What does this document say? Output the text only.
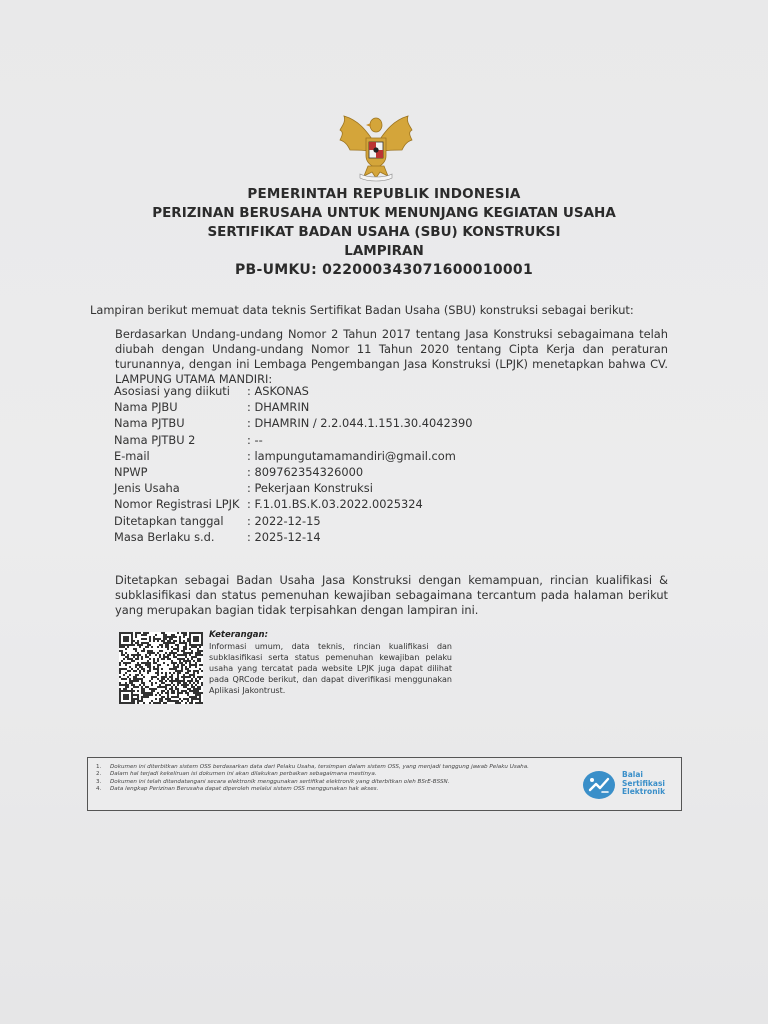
PEMERINTAH REPUBLIK INDONESIA
PERIZINAN BERUSAHA UNTUK MENUNJANG KEGIATAN USAHA
SERTIFIKAT BADAN USAHA (SBU) KONSTRUKSI
LAMPIRAN
PB-UMKU: 022000343071600010001
Lampiran berikut memuat data teknis Sertifikat Badan Usaha (SBU) konstruksi sebagai berikut:
Berdasarkan Undang-undang Nomor 2 Tahun 2017 tentang Jasa Konstruksi sebagaimana telah diubah dengan Undang-undang Nomor 11 Tahun 2020 tentang Cipta Kerja dan peraturan turunannya, dengan ini Lembaga Pengembangan Jasa Konstruksi (LPJK) menetapkan bahwa CV. LAMPUNG UTAMA MANDIRI:
Asosiasi yang diikuti : ASKONAS
Nama PJBU	: DHAMRIN
Nama PJTBU	: DHAMRIN / 2.2.044.1.151.30.4042390
Nama PJTBU 2	: --
E-mail	: lampungutamamandiri@gmail.com
NPWP	: 809762354326000
Jenis Usaha	: Pekerjaan Konstruksi
Nomor Registrasi LPJK : F.1.01.BS.K.03.2022.0025324
Ditetapkan tanggal : 2022-12-15
Masa Berlaku s.d.	: 2025-12-14
Ditetapkan sebagai Badan Usaha Jasa Konstruksi dengan kemampuan, rincian kualifikasi & subklasifikasi dan status pemenuhan kewajiban sebagaimana tercantum pada halaman berikut yang merupakan bagian tidak terpisahkan dengan lampiran ini.
Keterangan:
Informasi umum, data teknis, rincian kualifikasi dan subklasifikasi serta status pemenuhan kewajiban pelaku usaha yang tercatat pada website LPJK juga dapat dilihat pada QRCode berikut, dan dapat diverifikasi menggunakan Aplikasi Jakontrust.
1. Dokumen ini diterbitkan sistem OSS berdasarkan data dari Pelaku Usaha, tersimpan dalam sistem OSS, yang menjadi tanggung jawab Pelaku Usaha.
2. Dalam hal terjadi kekeliruan isi dokumen ini akan dilakukan perbaikan sebagaimana mestinya.
3. Dokumen ini telah ditandatangani secara elektronik menggunakan sertifikat elektronik yang diterbitkan oleh BSrE-BSSN.
4. Data lengkap Perizinan Berusaha dapat diperoleh melalui sistem OSS menggunakan hak akses.
Balai
Sertifikasi
Elektronik
